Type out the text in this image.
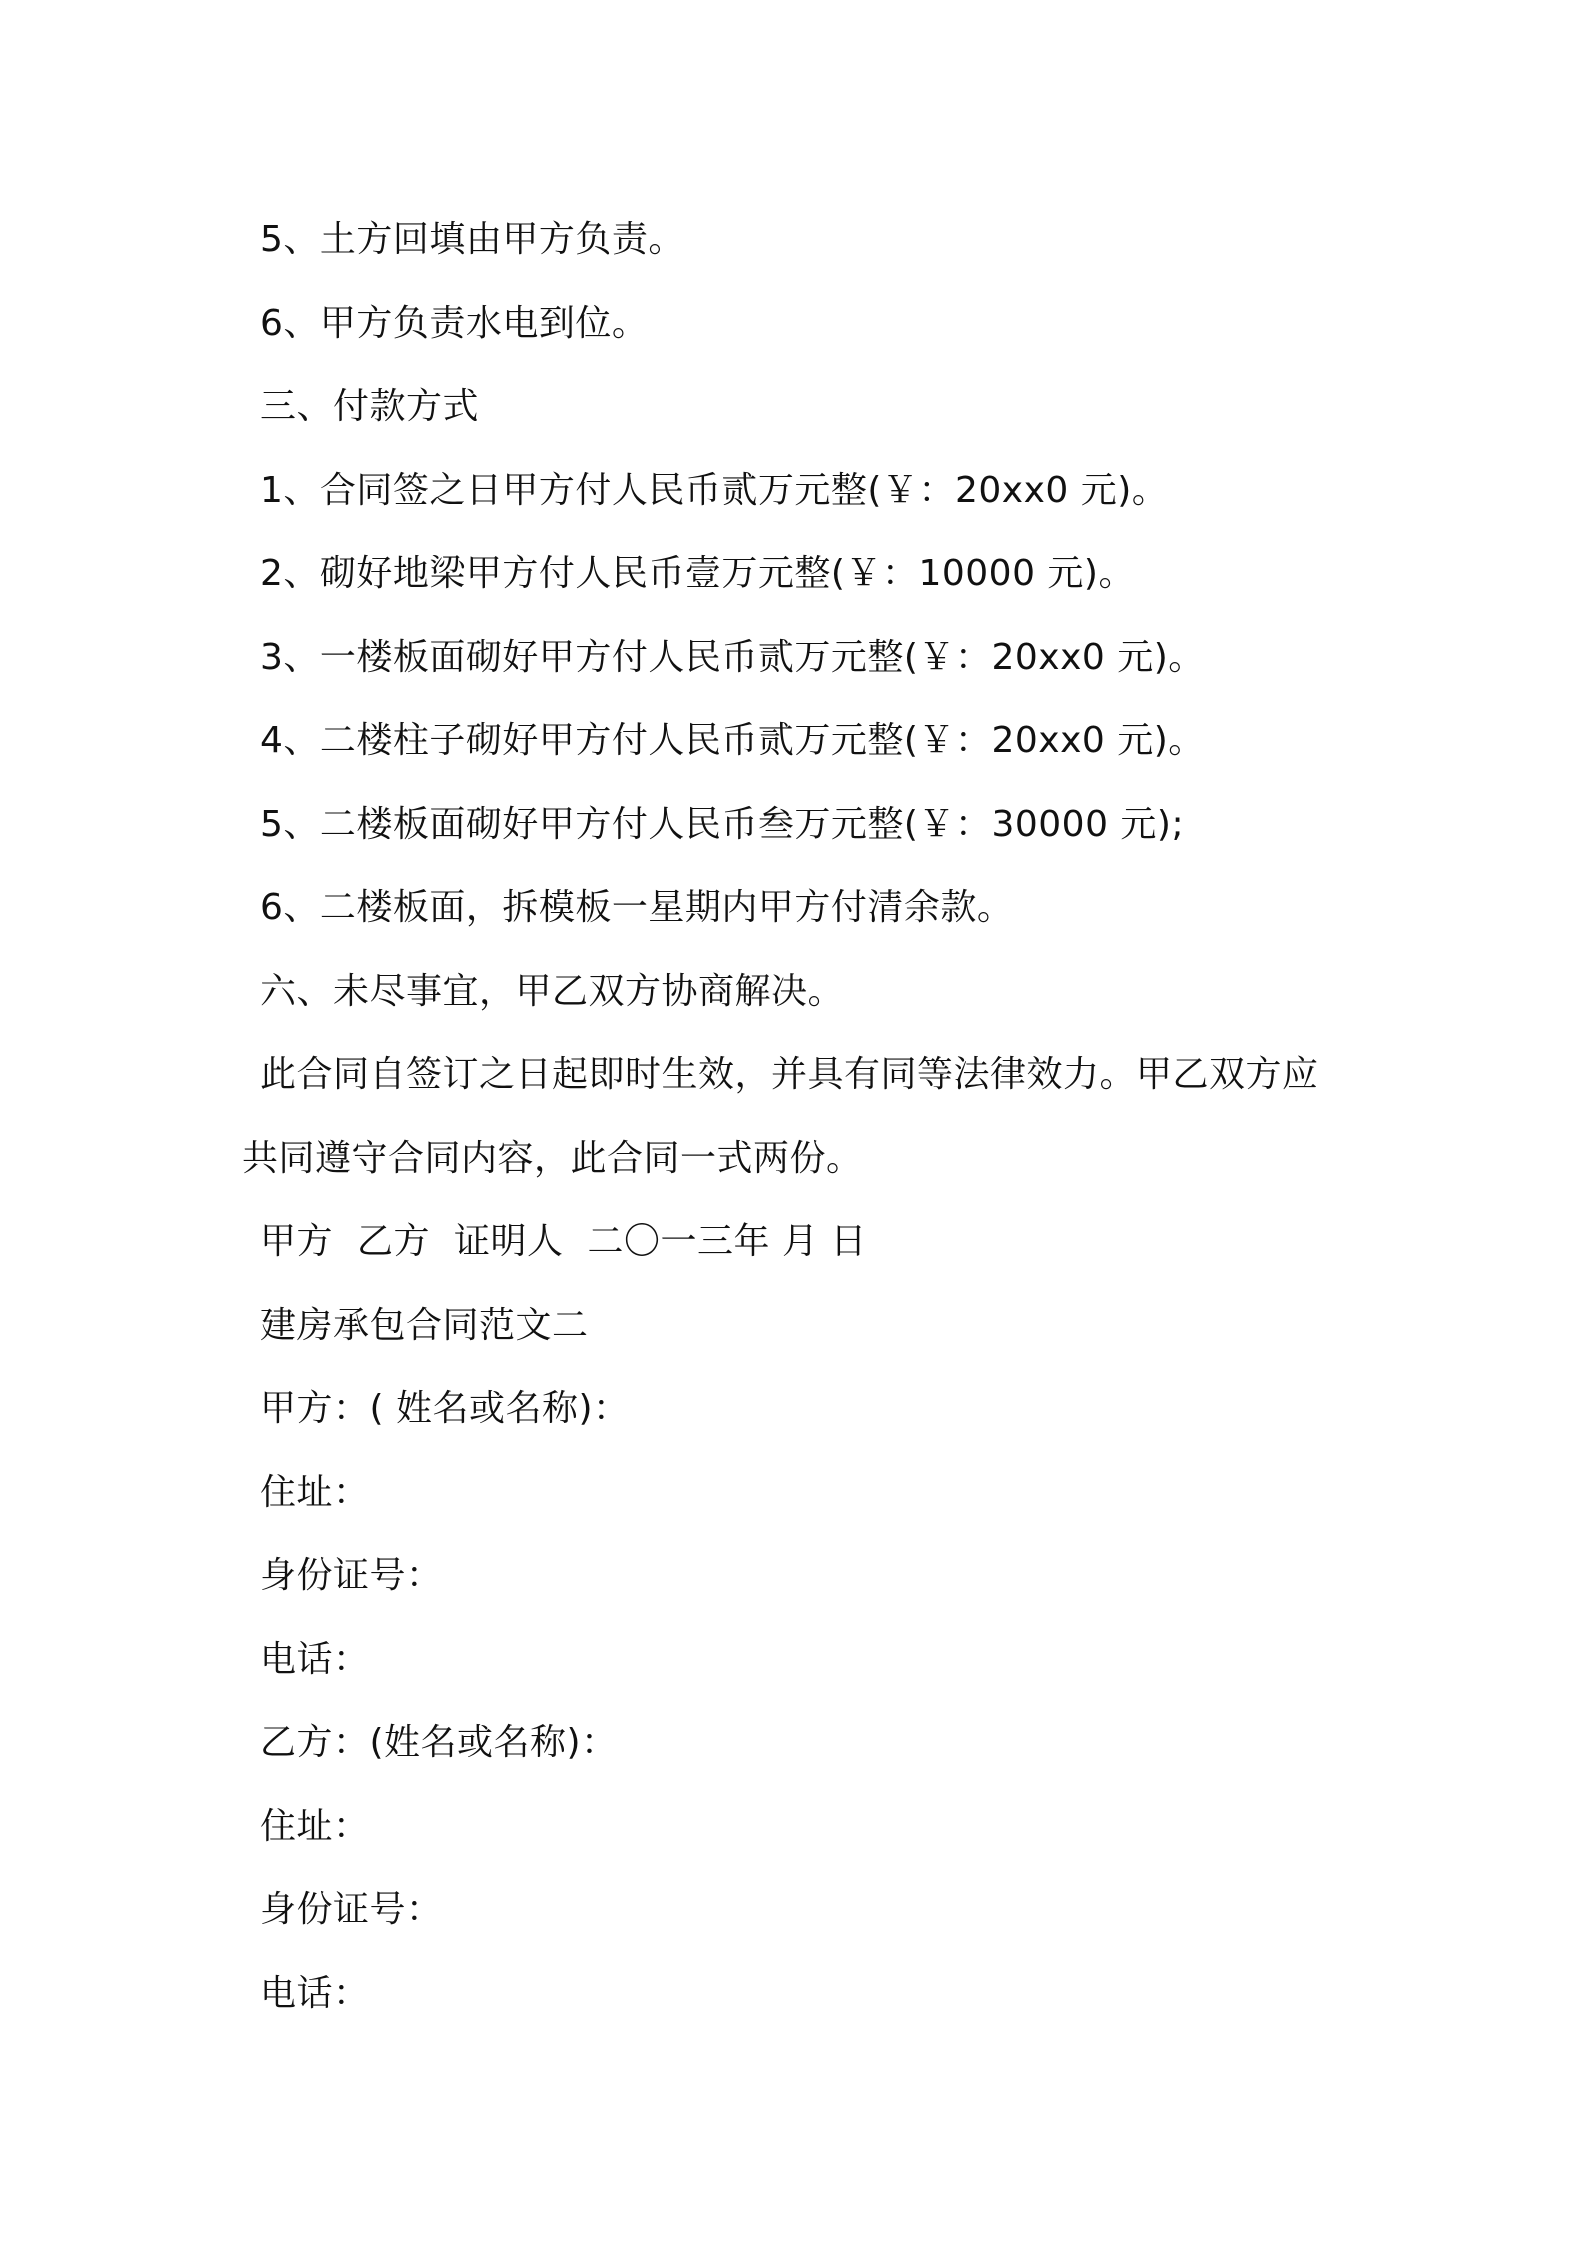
5、土方回填由甲方负责。
6、甲方负责水电到位。
三、付款方式
1、合同签之日甲方付人民币贰万元整(￥：20xx0 元)。
2、砌好地梁甲方付人民币壹万元整(￥：10000 元)。
3、一楼板面砌好甲方付人民币贰万元整(￥：20xx0 元)。
4、二楼柱子砌好甲方付人民币贰万元整(￥：20xx0 元)。
5、二楼板面砌好甲方付人民币叁万元整(￥：30000 元);
6、二楼板面，拆模板一星期内甲方付清余款。
六、未尽事宜，甲乙双方协商解决。
此合同自签订之日起即时生效，并具有同等法律效力。甲乙双方应
共同遵守合同内容，此合同一式两份。
甲方 乙方 证明人 二〇一三年 月 日
建房承包合同范文二
甲方：( 姓名或名称)：
住址：
身份证号：
电话：
乙方：(姓名或名称)：
住址：
身份证号：
电话：
